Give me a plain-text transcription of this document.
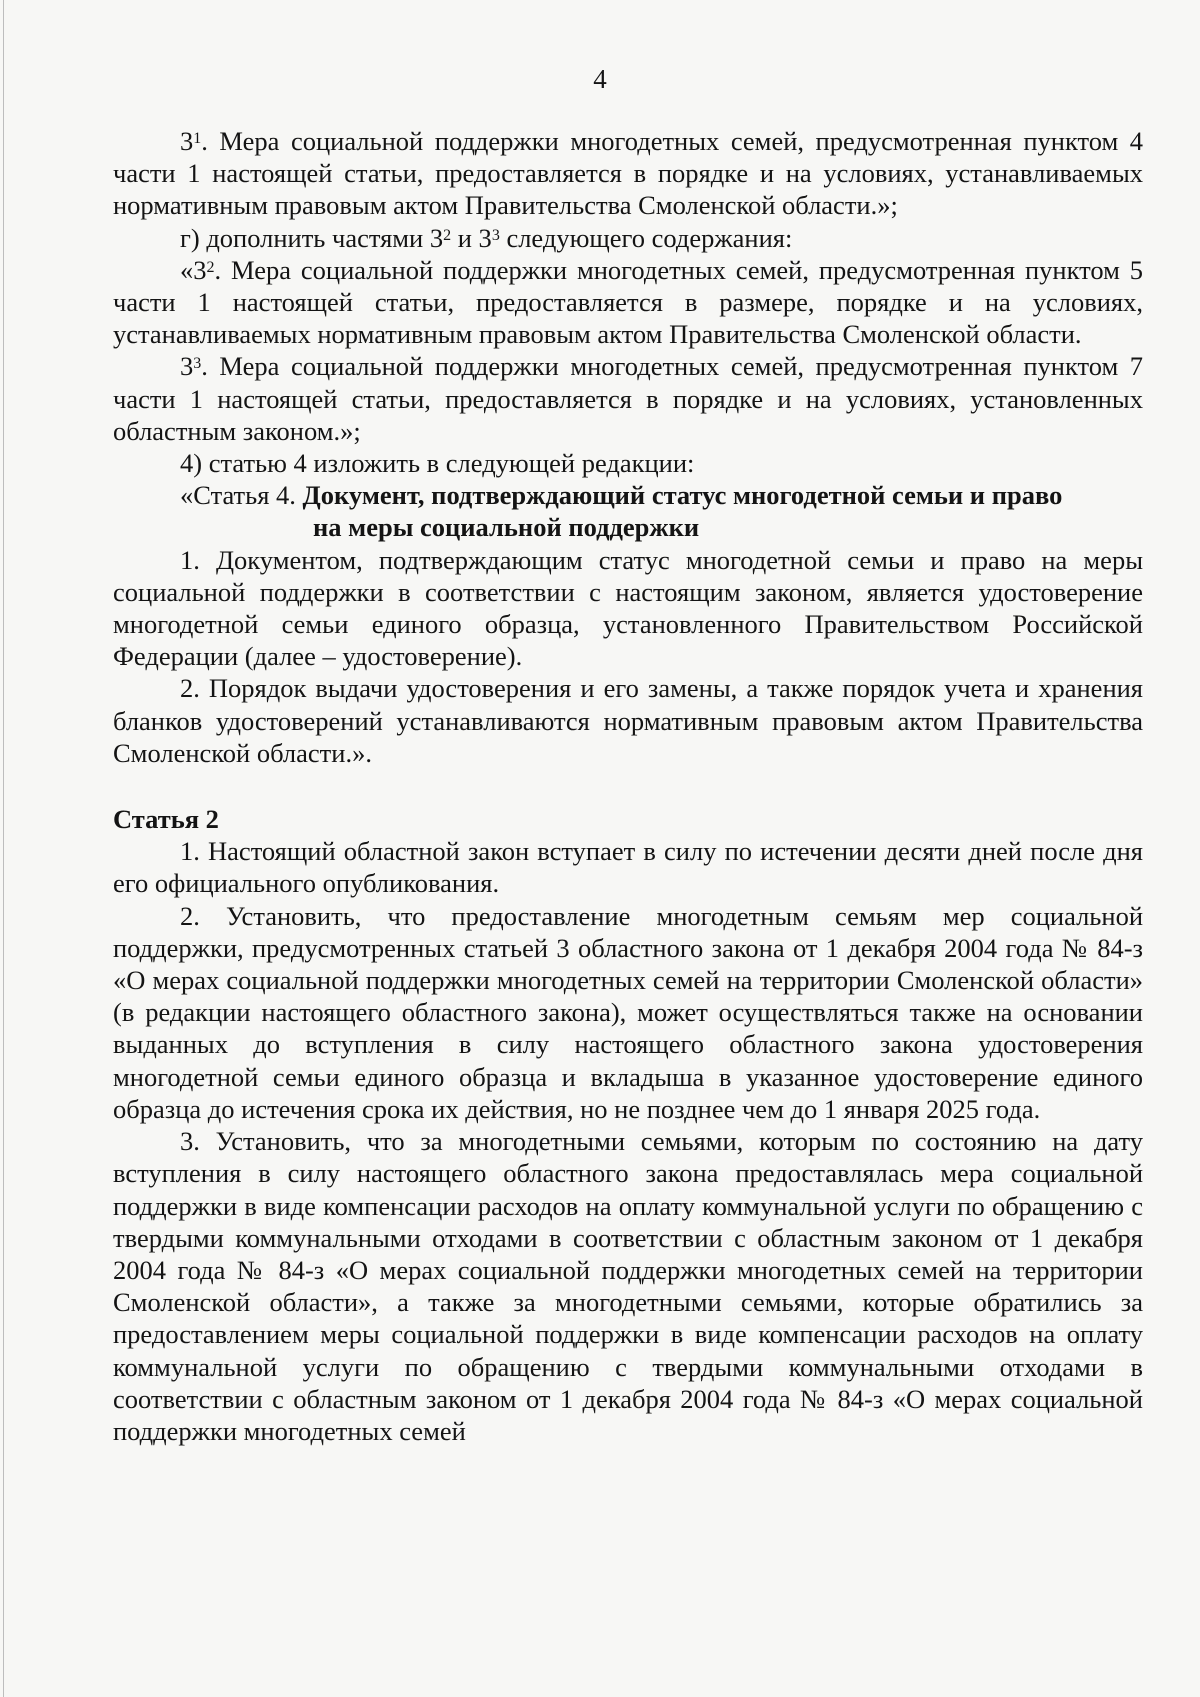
4

$3^1$. Мера социальной поддержки многодетных семей, предусмотренная пунктом 4 части 1 настоящей статьи, предоставляется в порядке и на условиях, устанавливаемых нормативным правовым актом Правительства Смоленской области.»;

г) дополнить частями $3^2$ и $3^3$ следующего содержания:

«$3^2$. Мера социальной поддержки многодетных семей, предусмотренная пунктом 5 части 1 настоящей статьи, предоставляется в размере, порядке и на условиях, устанавливаемых нормативным правовым актом Правительства Смоленской области.

$3^3$. Мера социальной поддержки многодетных семей, предусмотренная пунктом 7 части 1 настоящей статьи, предоставляется в порядке и на условиях, установленных областным законом.»;

4) статью 4 изложить в следующей редакции:

«Статья 4. Документ, подтверждающий статус многодетной семьи и право
на меры социальной поддержки

1. Документом, подтверждающим статус многодетной семьи и право на меры социальной поддержки в соответствии с настоящим законом, является удостоверение многодетной семьи единого образца, установленного Правительством Российской Федерации (далее – удостоверение).

2. Порядок выдачи удостоверения и его замены, а также порядок учета и хранения бланков удостоверений устанавливаются нормативным правовым актом Правительства Смоленской области.».

Статья 2

1. Настоящий областной закон вступает в силу по истечении десяти дней после дня его официального опубликования.

2. Установить, что предоставление многодетным семьям мер социальной поддержки, предусмотренных статьей 3 областного закона от 1 декабря 2004 года № 84-з «О мерах социальной поддержки многодетных семей на территории Смоленской области» (в редакции настоящего областного закона), может осуществляться также на основании выданных до вступления в силу настоящего областного закона удостоверения многодетной семьи единого образца и вкладыша в указанное удостоверение единого образца до истечения срока их действия, но не позднее чем до 1 января 2025 года.

3. Установить, что за многодетными семьями, которым по состоянию на дату вступления в силу настоящего областного закона предоставлялась мера социальной поддержки в виде компенсации расходов на оплату коммунальной услуги по обращению с твердыми коммунальными отходами в соответствии с областным законом от 1 декабря 2004 года № 84-з «О мерах социальной поддержки многодетных семей на территории Смоленской области», а также за многодетными семьями, которые обратились за предоставлением меры социальной поддержки в виде компенсации расходов на оплату коммунальной услуги по обращению с твердыми коммунальными отходами в соответствии с областным законом от 1 декабря 2004 года № 84-з «О мерах социальной поддержки многодетных семей
